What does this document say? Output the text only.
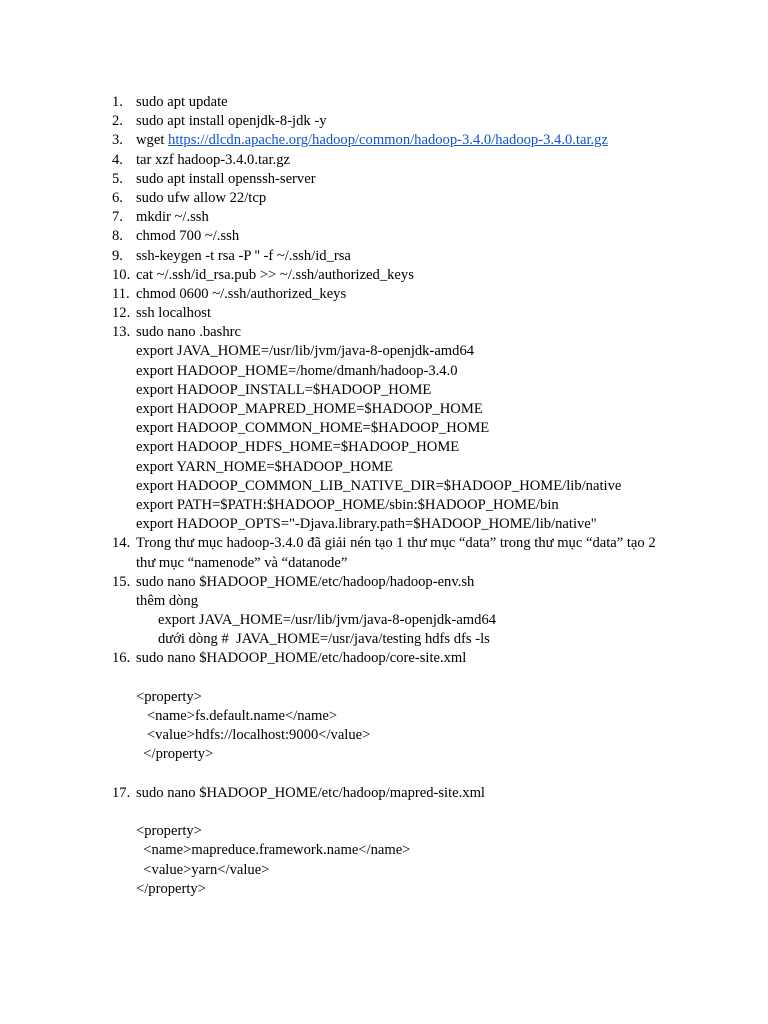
1. sudo apt update
2. sudo apt install openjdk-8-jdk -y
3. wget https://dlcdn.apache.org/hadoop/common/hadoop-3.4.0/hadoop-3.4.0.tar.gz
4. tar xzf hadoop-3.4.0.tar.gz
5. sudo apt install openssh-server
6. sudo ufw allow 22/tcp
7. mkdir ~/.ssh
8. chmod 700 ~/.ssh
9. ssh-keygen -t rsa -P '' -f ~/.ssh/id_rsa
10. cat ~/.ssh/id_rsa.pub >> ~/.ssh/authorized_keys
11. chmod 0600 ~/.ssh/authorized_keys
12. ssh localhost
13. sudo nano .bashrc
export JAVA_HOME=/usr/lib/jvm/java-8-openjdk-amd64
export HADOOP_HOME=/home/dmanh/hadoop-3.4.0
export HADOOP_INSTALL=$HADOOP_HOME
export HADOOP_MAPRED_HOME=$HADOOP_HOME
export HADOOP_COMMON_HOME=$HADOOP_HOME
export HADOOP_HDFS_HOME=$HADOOP_HOME
export YARN_HOME=$HADOOP_HOME
export HADOOP_COMMON_LIB_NATIVE_DIR=$HADOOP_HOME/lib/native
export PATH=$PATH:$HADOOP_HOME/sbin:$HADOOP_HOME/bin
export HADOOP_OPTS="-Djava.library.path=$HADOOP_HOME/lib/native"
14. Trong thư mục hadoop-3.4.0 đã giải nén tạo 1 thư mục “data” trong thư mục “data” tạo 2
thư mục “namenode” và “datanode”
15. sudo nano $HADOOP_HOME/etc/hadoop/hadoop-env.sh
thêm dòng
export JAVA_HOME=/usr/lib/jvm/java-8-openjdk-amd64
dưới dòng #  JAVA_HOME=/usr/java/testing hdfs dfs -ls
16. sudo nano $HADOOP_HOME/etc/hadoop/core-site.xml
<property>
<name>fs.default.name</name>
<value>hdfs://localhost:9000</value>
</property>
17. sudo nano $HADOOP_HOME/etc/hadoop/mapred-site.xml
<property>
<name>mapreduce.framework.name</name>
<value>yarn</value>
</property>
